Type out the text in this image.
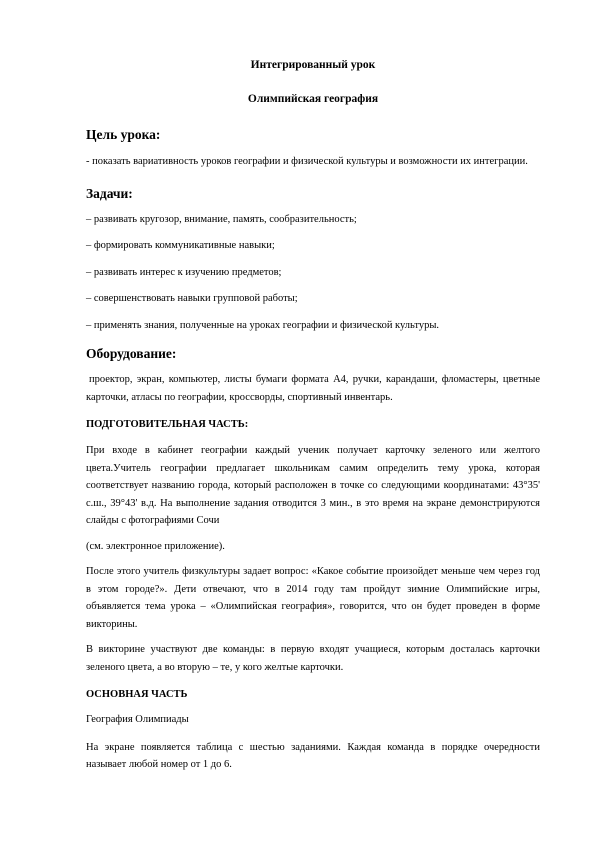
Интегрированный урок
Олимпийская география
Цель урока:
- показать вариативность уроков географии и физической культуры и возможности их интеграции.
Задачи:
– развивать кругозор, внимание, память, сообразительность;
– формировать коммуникативные навыки;
– развивать интерес к изучению предметов;
– совершенствовать навыки групповой работы;
– применять знания, полученные на уроках географии и физической культуры.
Оборудование:
проектор, экран, компьютер, листы бумаги формата А4, ручки, карандаши, фломастеры, цветные карточки, атласы по географии, кроссворды, спортивный инвентарь.
ПОДГОТОВИТЕЛЬНАЯ ЧАСТЬ:
При входе в кабинет географии каждый ученик получает карточку зеленого или желтого цвета.Учитель географии предлагает школьникам самим определить тему урока, которая соответствует названию города, который расположен в точке со следующими координатами: 43°35' с.ш., 39°43' в.д. На выполнение задания отводится 3 мин., в это время на экране демонстрируются слайды с фотографиями Сочи
(см. электронное приложение).
После этого учитель физкультуры задает вопрос: «Какое событие произойдет меньше чем через год в этом городе?». Дети отвечают, что в 2014 году там пройдут зимние Олимпийские игры, объявляется тема урока – «Олимпийская география», говорится, что он будет проведен в форме викторины.
В викторине участвуют две команды: в первую входят учащиеся, которым досталась карточки зеленого цвета, а во вторую – те, у кого желтые карточки.
ОСНОВНАЯ ЧАСТЬ
География Олимпиады
На экране появляется таблица с шестью заданиями. Каждая команда в порядке очередности называет любой номер от 1 до 6.
